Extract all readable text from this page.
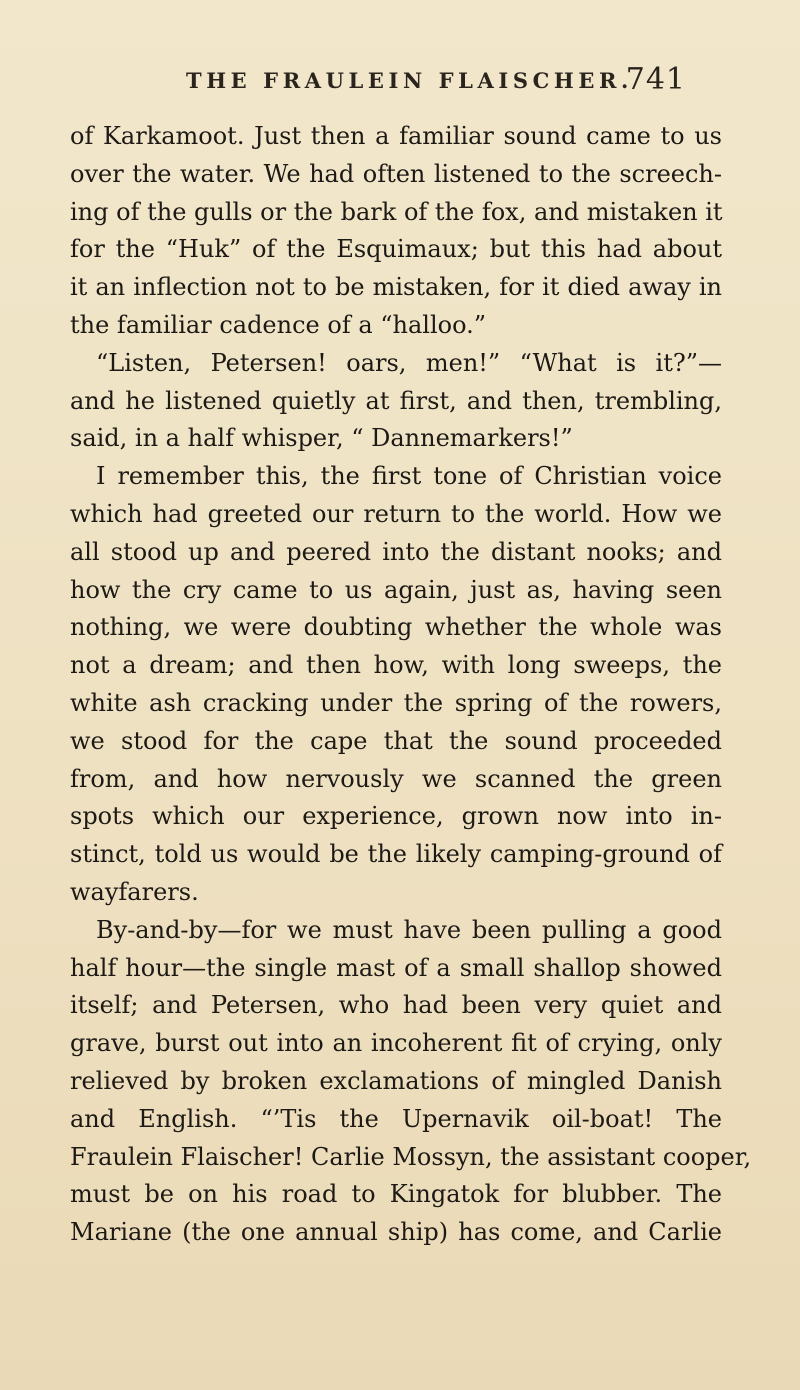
THE FRAULEIN FLAISCHER.
741
of Karkamoot. Just then a familiar sound came to us
over the water. We had often listened to the screech-
ing of the gulls or the bark of the fox, and mistaken it
for the “Huk” of the Esquimaux; but this had about
it an inflection not to be mistaken, for it died away in
the familiar cadence of a “halloo.”
“Listen, Petersen! oars, men!” “What is it?”—
and he listened quietly at first, and then, trembling,
said, in a half whisper, “ Dannemarkers!”
I remember this, the first tone of Christian voice
which had greeted our return to the world. How we
all stood up and peered into the distant nooks; and
how the cry came to us again, just as, having seen
nothing, we were doubting whether the whole was
not a dream; and then how, with long sweeps, the
white ash cracking under the spring of the rowers,
we stood for the cape that the sound proceeded
from, and how nervously we scanned the green
spots which our experience, grown now into in-
stinct, told us would be the likely camping-ground of
wayfarers.
By-and-by—for we must have been pulling a good
half hour—the single mast of a small shallop showed
itself; and Petersen, who had been very quiet and
grave, burst out into an incoherent fit of crying, only
relieved by broken exclamations of mingled Danish
and English. “’Tis the Upernavik oil-boat! The
Fraulein Flaischer! Carlie Mossyn, the assistant cooper,
must be on his road to Kingatok for blubber. The
Mariane (the one annual ship) has come, and Carlie
